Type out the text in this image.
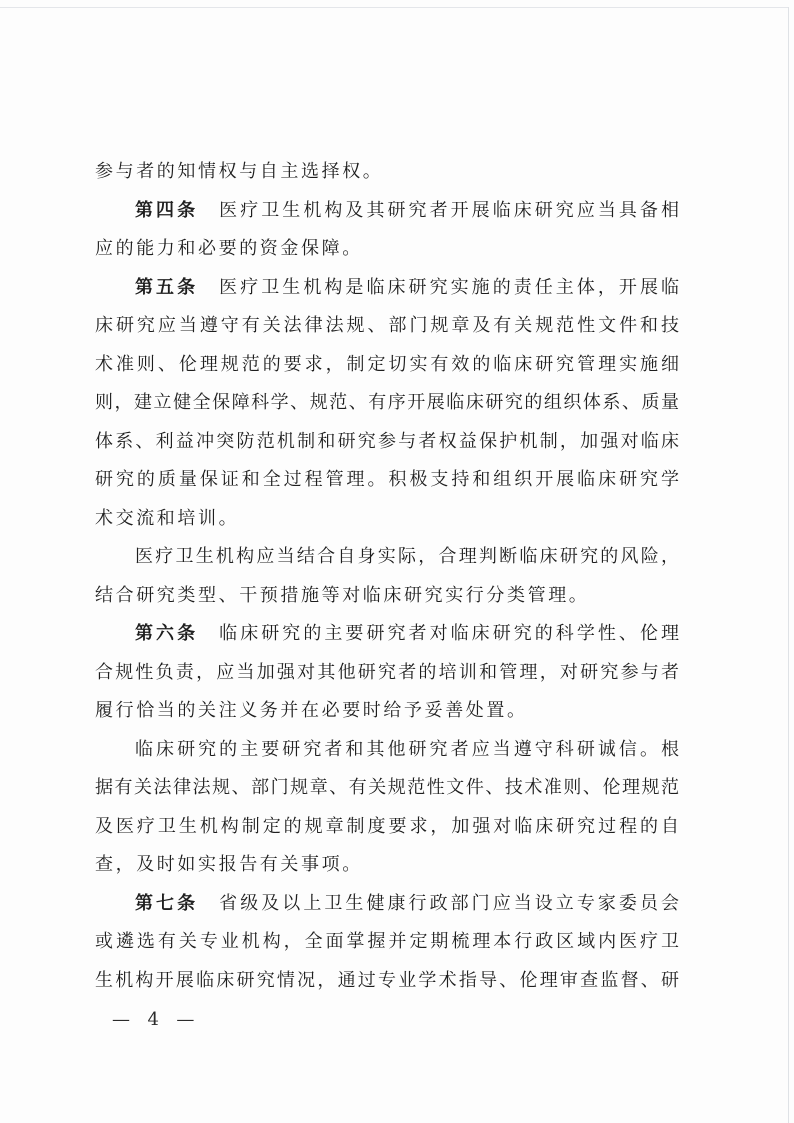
参与者的知情权与自主选择权。
第四条　 医疗卫生机构及其研究者开展临床研究应当具备相
应的能力和必要的资金保障。
第五条　 医疗卫生机构是临床研究实施的责任主体，开展临
床研究应当遵守有关法律法规、部门规章及有关规范性文件和技
术准则、伦理规范的要求，制定切实有效的临床研究管理实施细
则，建立健全保障科学、规范、有序开展临床研究的组织体系、质量
体系、利益冲突防范机制和研究参与者权益保护机制，加强对临床
研究的质量保证和全过程管理。积极支持和组织开展临床研究学
术交流和培训。
医疗卫生机构应当结合自身实际，合理判断临床研究的风险，
结合研究类型、干预措施等对临床研究实行分类管理。
第六条　 临床研究的主要研究者对临床研究的科学性、伦理
合规性负责，应当加强对其他研究者的培训和管理，对研究参与者
履行恰当的关注义务并在必要时给予妥善处置。
临床研究的主要研究者和其他研究者应当遵守科研诚信。根
据有关法律法规、部门规章、有关规范性文件、技术准则、伦理规范
及医疗卫生机构制定的规章制度要求，加强对临床研究过程的自
查，及时如实报告有关事项。
第七条　 省级及以上卫生健康行政部门应当设立专家委员会
或遴选有关专业机构，全面掌握并定期梳理本行政区域内医疗卫
生机构开展临床研究情况，通过专业学术指导、伦理审查监督、研
—  4  —
